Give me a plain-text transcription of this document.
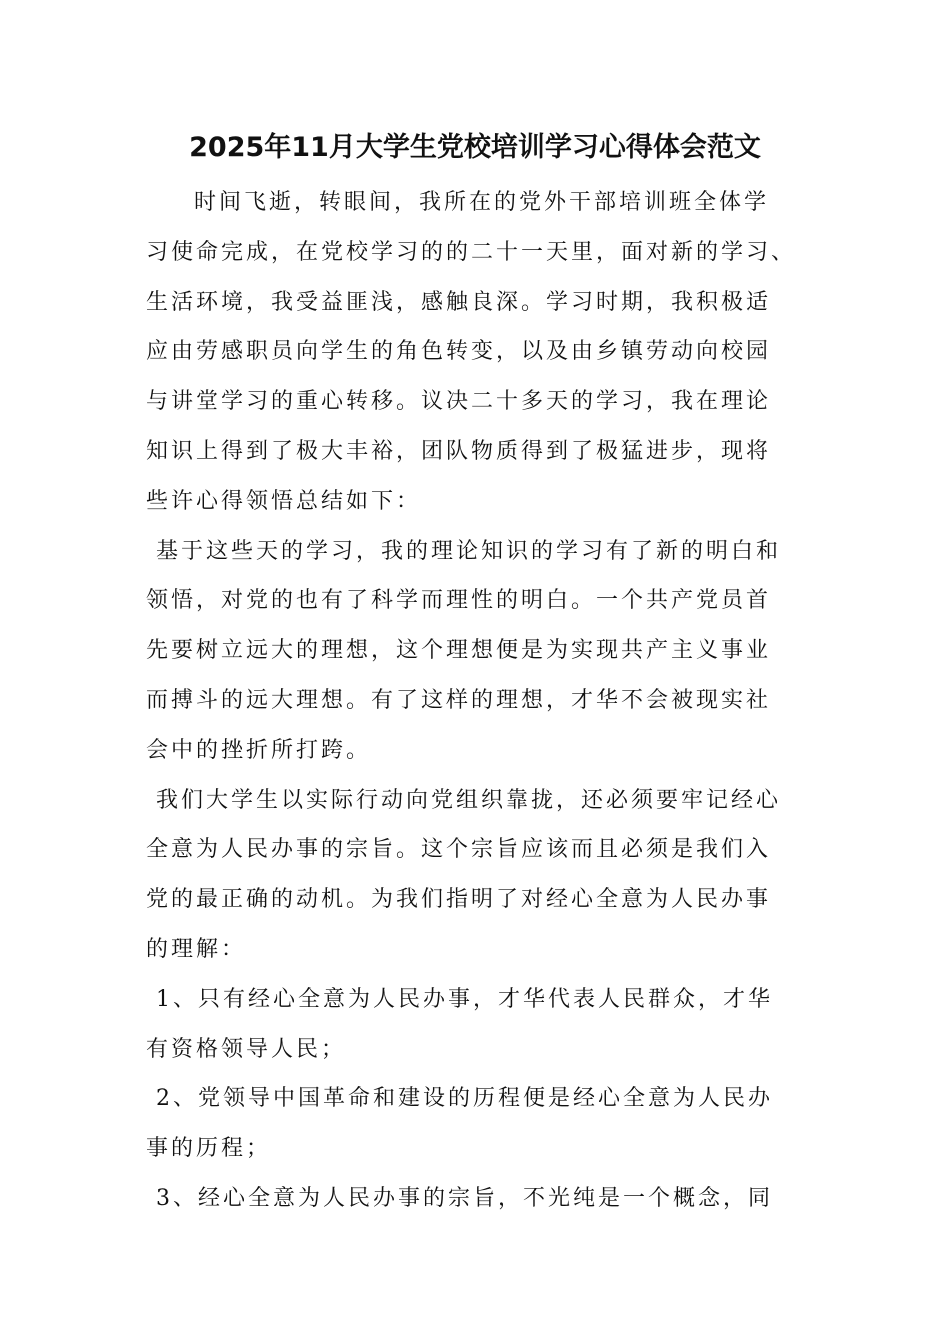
2025年11月大学生党校培训学习心得体会范文
时间飞逝，转眼间，我所在的党外干部培训班全体学
习使命完成，在党校学习的的二十一天里，面对新的学习、
生活环境，我受益匪浅，感触良深。学习时期，我积极适
应由劳感职员向学生的角色转变，以及由乡镇劳动向校园
与讲堂学习的重心转移。议决二十多天的学习，我在理论
知识上得到了极大丰裕，团队物质得到了极猛进步，现将
些许心得领悟总结如下：
基于这些天的学习，我的理论知识的学习有了新的明白和
领悟，对党的也有了科学而理性的明白。一个共产党员首
先要树立远大的理想，这个理想便是为实现共产主义事业
而搏斗的远大理想。有了这样的理想，才华不会被现实社
会中的挫折所打跨。
我们大学生以实际行动向党组织靠拢，还必须要牢记经心
全意为人民办事的宗旨。这个宗旨应该而且必须是我们入
党的最正确的动机。为我们指明了对经心全意为人民办事
的理解：
1、只有经心全意为人民办事，才华代表人民群众，才华
有资格领导人民；
2、党领导中国革命和建设的历程便是经心全意为人民办
事的历程；
3、经心全意为人民办事的宗旨，不光纯是一个概念，同
